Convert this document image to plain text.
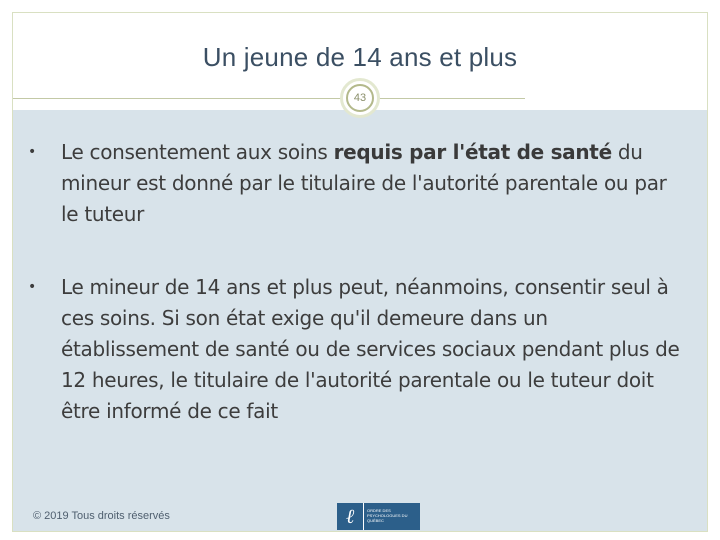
Un jeune de 14 ans et plus
43
• Le consentement aux soins requis par l'état de santé du mineur est donné par le titulaire de l'autorité parentale ou par le tuteur
• Le mineur de 14 ans et plus peut, néanmoins, consentir seul à ces soins. Si son état exige qu'il demeure dans un établissement de santé ou de services sociaux pendant plus de 12 heures, le titulaire de l'autorité parentale ou le tuteur doit être informé de ce fait
© 2019 Tous droits réservés	ℓ	ORDRE DES PSYCHOLOGUES DU QUÉBEC
